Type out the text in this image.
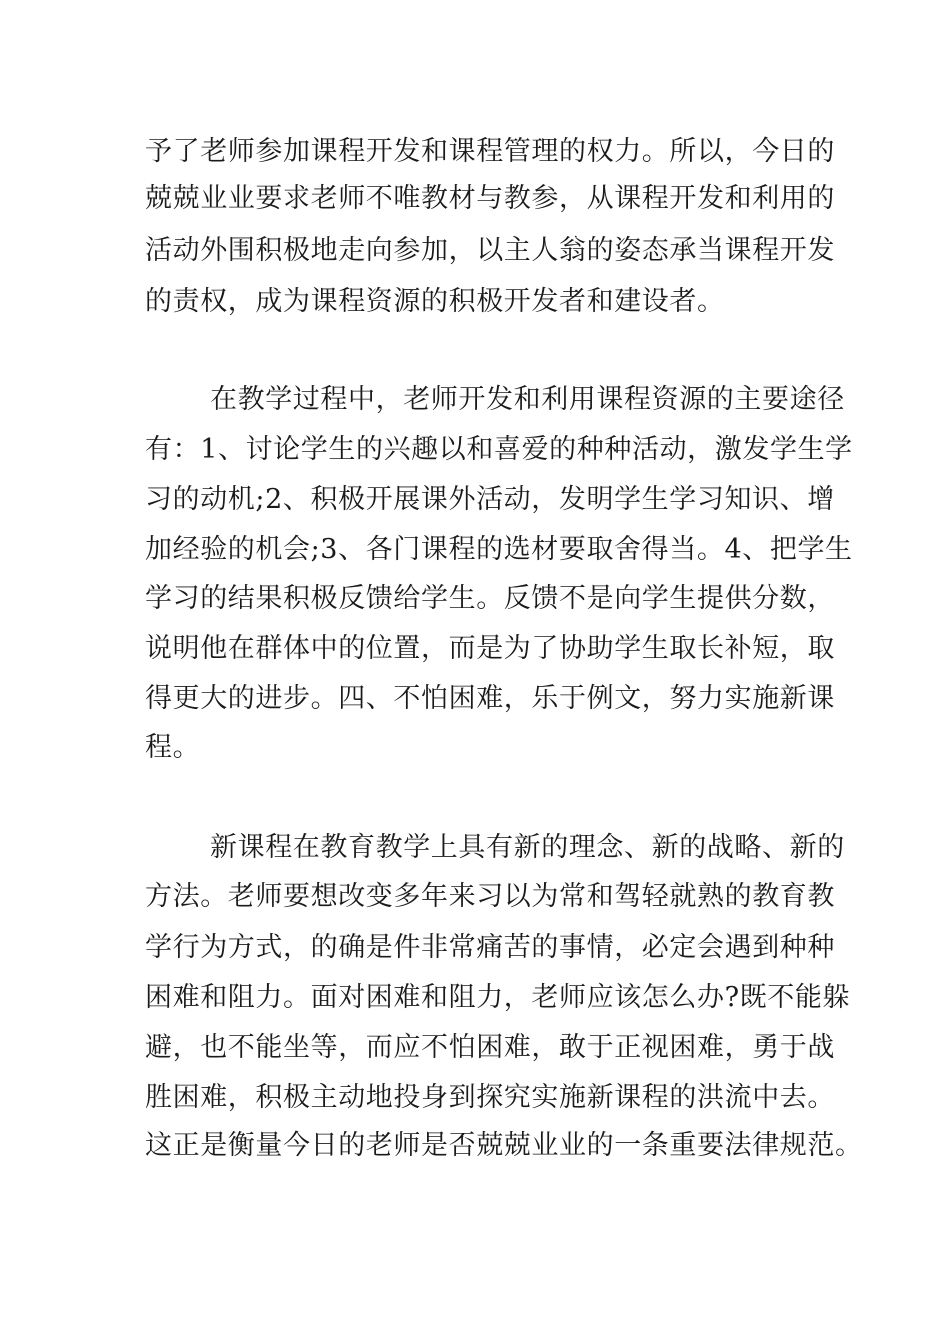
予了老师参加课程开发和课程管理的权力。所以，今日的

兢兢业业要求老师不唯教材与教参，从课程开发和利用的

活动外围积极地走向参加，以主人翁的姿态承当课程开发

的责权，成为课程资源的积极开发者和建设者。

在教学过程中，老师开发和利用课程资源的主要途径

有：1、讨论学生的兴趣以和喜爱的种种活动，激发学生学

习的动机;2、积极开展课外活动，发明学生学习知识、增

加经验的机会;3、各门课程的选材要取舍得当。4、把学生

学习的结果积极反馈给学生。反馈不是向学生提供分数，

说明他在群体中的位置，而是为了协助学生取长补短，取

得更大的进步。四、不怕困难，乐于例文，努力实施新课

程。

新课程在教育教学上具有新的理念、新的战略、新的

方法。老师要想改变多年来习以为常和驾轻就熟的教育教

学行为方式，的确是件非常痛苦的事情，必定会遇到种种

困难和阻力。面对困难和阻力，老师应该怎么办?既不能躲

避，也不能坐等，而应不怕困难，敢于正视困难，勇于战

胜困难，积极主动地投身到探究实施新课程的洪流中去。

这正是衡量今日的老师是否兢兢业业的一条重要法律规范。
